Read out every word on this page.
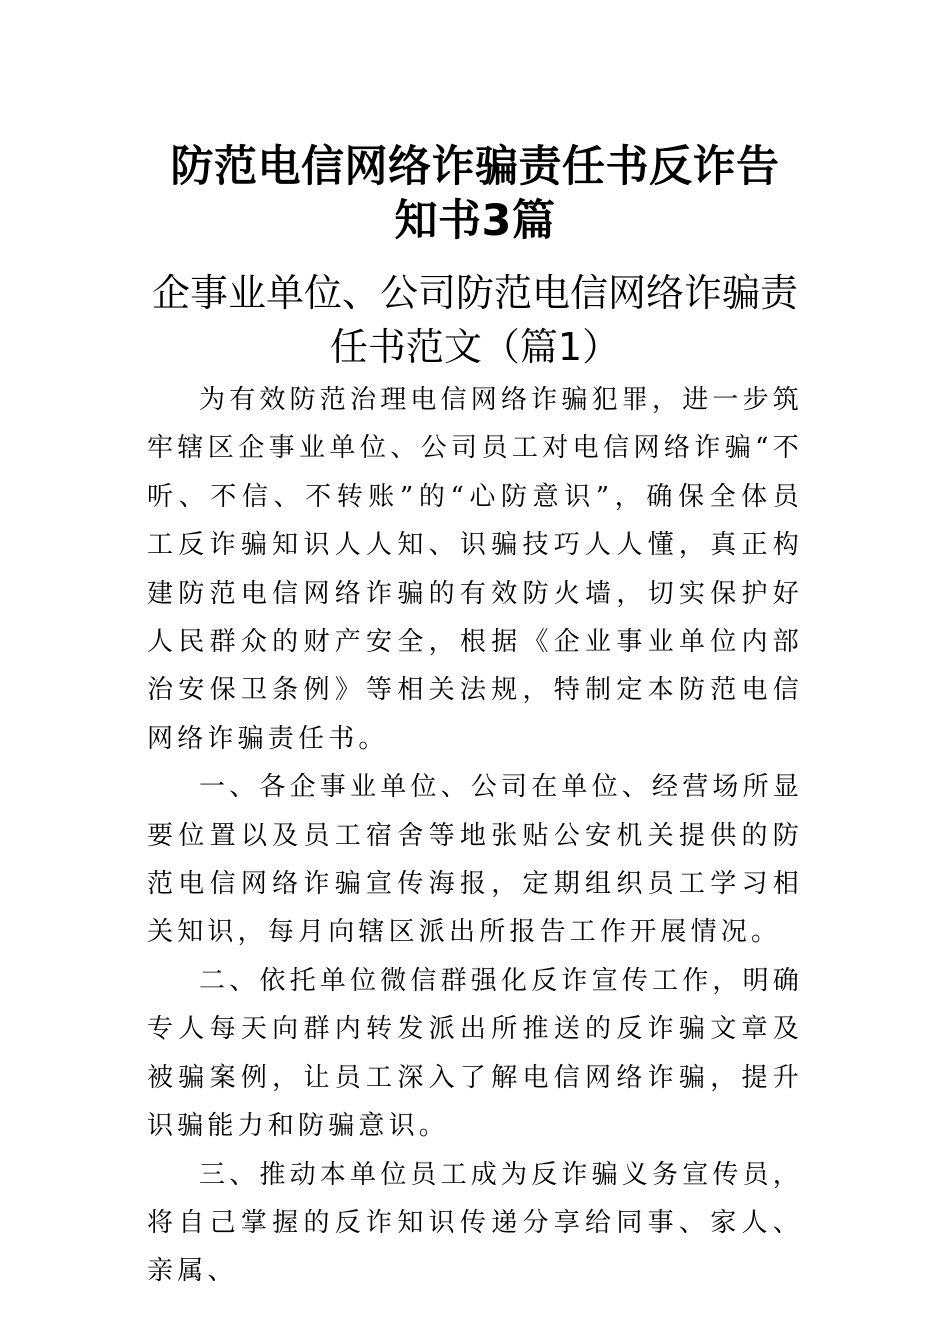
防范电信网络诈骗责任书反诈告
知书3篇
企事业单位、公司防范电信网络诈骗责
任书范文（篇1）

为有效防范治理电信网络诈骗犯罪，进一步筑牢辖区企事业单位、公司员工对电信网络诈骗“不听、不信、不转账”的“心防意识”，确保全体员工反诈骗知识人人知、识骗技巧人人懂，真正构建防范电信网络诈骗的有效防火墙，切实保护好人民群众的财产安全，根据《企业事业单位内部治安保卫条例》等相关法规，特制定本防范电信网络诈骗责任书。

一、各企事业单位、公司在单位、经营场所显要位置以及员工宿舍等地张贴公安机关提供的防范电信网络诈骗宣传海报，定期组织员工学习相关知识，每月向辖区派出所报告工作开展情况。

二、依托单位微信群强化反诈宣传工作，明确专人每天向群内转发派出所推送的反诈骗文章及被骗案例，让员工深入了解电信网络诈骗，提升识骗能力和防骗意识。

三、推动本单位员工成为反诈骗义务宣传员，将自己掌握的反诈知识传递分享给同事、家人、亲属、
